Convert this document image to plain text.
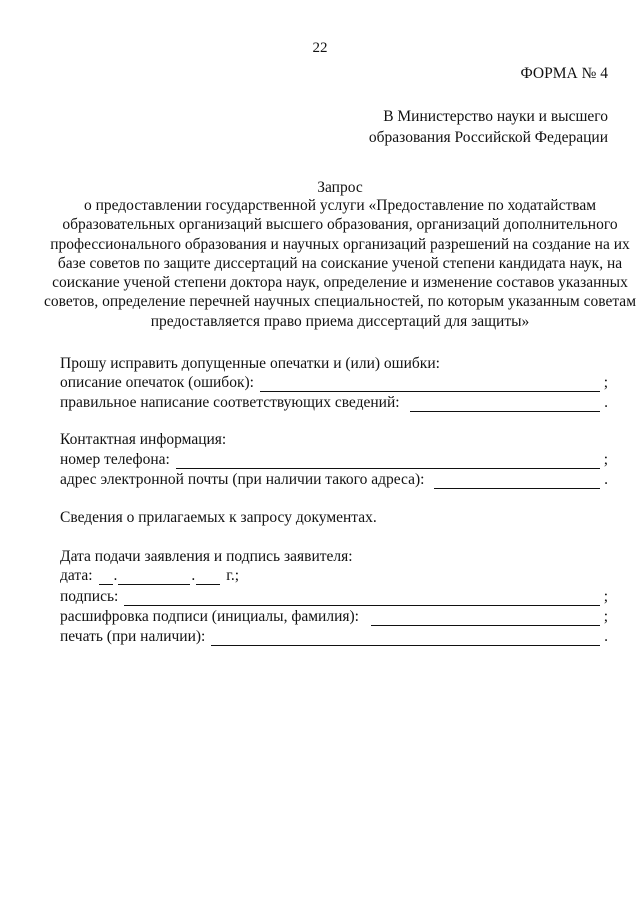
22
ФОРМА № 4
В Министерство науки и высшего
образования Российской Федерации
Запрос
о предоставлении государственной услуги «Предоставление по ходатайствам образовательных организаций высшего образования, организаций дополнительного профессионального образования и научных организаций разрешений на создание на их базе советов по защите диссертаций на соискание ученой степени кандидата наук, на соискание ученой степени доктора наук, определение и изменение составов указанных советов, определение перечней научных специальностей, по которым указанным советам предоставляется право приема диссертаций для защиты»
Прошу исправить допущенные опечатки и (или) ошибки:
описание опечаток (ошибок):	;
правильное написание соответствующих сведений:	.
Контактная информация:
номер телефона:	;
адрес электронной почты (при наличии такого адреса):	.
Сведения о прилагаемых к запросу документах.
Дата подачи заявления и подпись заявителя:
дата: .	. г.;
подпись:	;
расшифровка подписи (инициалы, фамилия):	;
печать (при наличии):	.
